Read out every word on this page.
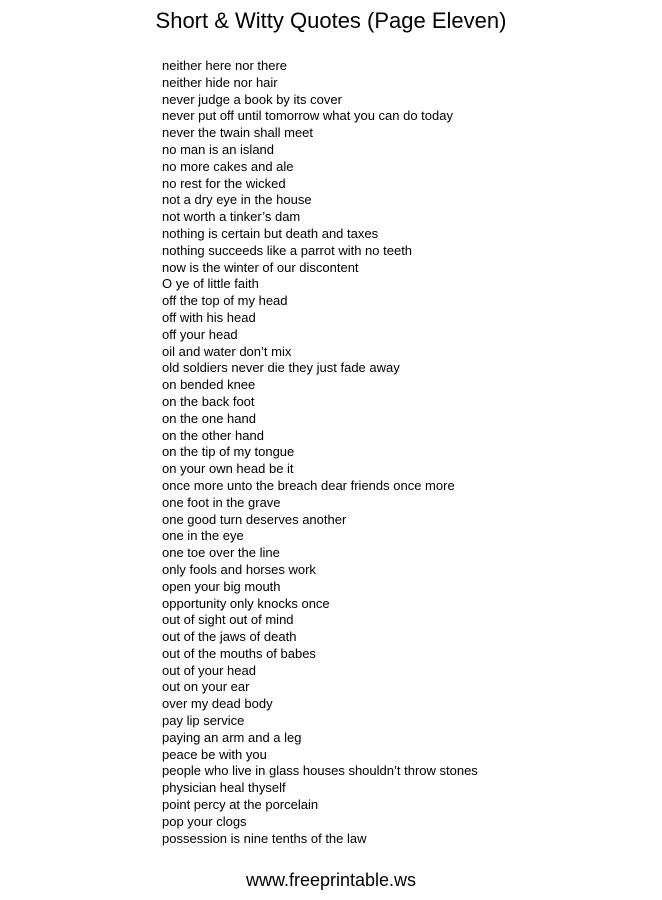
Short & Witty Quotes (Page Eleven)
neither here nor there
neither hide nor hair
never judge a book by its cover
never put off until tomorrow what you can do today
never the twain shall meet
no man is an island
no more cakes and ale
no rest for the wicked
not a dry eye in the house
not worth a tinker’s dam
nothing is certain but death and taxes
nothing succeeds like a parrot with no teeth
now is the winter of our discontent
O ye of little faith
off the top of my head
off with his head
off your head
oil and water don’t mix
old soldiers never die they just fade away
on bended knee
on the back foot
on the one hand
on the other hand
on the tip of my tongue
on your own head be it
once more unto the breach dear friends once more
one foot in the grave
one good turn deserves another
one in the eye
one toe over the line
only fools and horses work
open your big mouth
opportunity only knocks once
out of sight out of mind
out of the jaws of death
out of the mouths of babes
out of your head
out on your ear
over my dead body
pay lip service
paying an arm and a leg
peace be with you
people who live in glass houses shouldn’t throw stones
physician heal thyself
point percy at the porcelain
pop your clogs
possession is nine tenths of the law
www.freeprintable.ws
